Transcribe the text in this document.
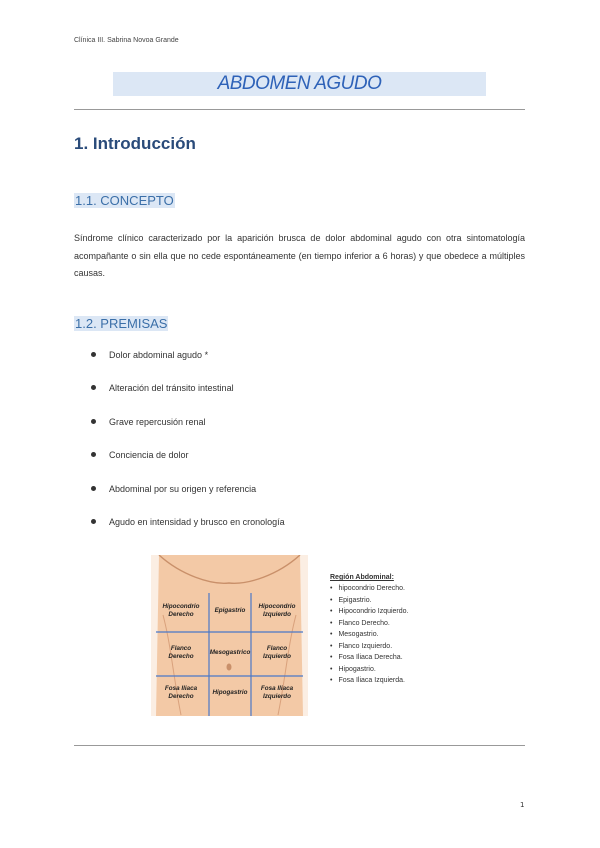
Clínica III. Sabrina Novoa Grande
ABDOMEN AGUDO
1. Introducción
1.1. CONCEPTO
Síndrome clínico caracterizado por la aparición brusca de dolor abdominal agudo con otra sintomatología acompañante o sin ella que no cede espontáneamente (en tiempo inferior a 6 horas) y que obedece a múltiples causas.
1.2. PREMISAS
Dolor abdominal agudo *
Alteración del tránsito intestinal
Grave repercusión renal
Conciencia de dolor
Abdominal por su origen y referencia
Agudo en intensidad y brusco en cronología
Hipocondrio Derecho
Epigastrio
Hipocondrio Izquierdo
Flanco Derecho
Mesogastrico
Flanco Izquierdo
Fosa Iliaca Derecho
Hipogastrio
Fosa Iliaca Izquierdo
Región Abdominal:
• hipocondrio Derecho.
• Epigastrio.
• Hipocondrio Izquierdo.
• Flanco Derecho.
• Mesogastrio.
• Flanco Izquierdo.
• Fosa Iliaca Derecha.
• Hipogastrio.
• Fosa Iliaca Izquierda.
1
